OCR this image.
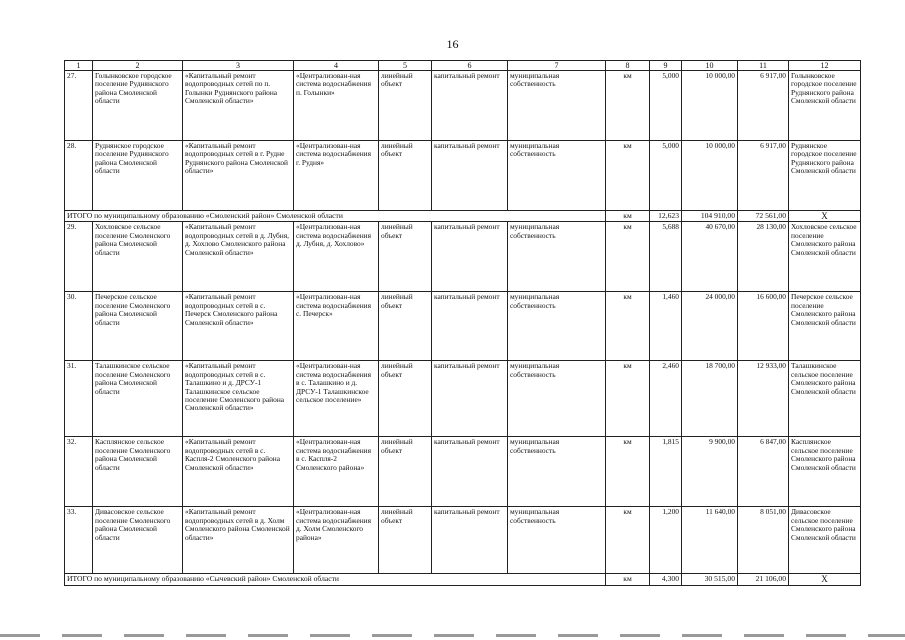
16
1	2	3	4	5	6	7	8	9	10	11	12
27.	Голынковское городское поселение Руднянского района Смоленской области	«Капитальный ремонт водопроводных сетей по п. Голынки Руднянского района Смоленской области»	«Централизован-ная система водоснабжения п. Голынки»	линейный объект	капитальный ремонт	муниципальная собственность	км	5,000	10 000,00	6 917,00	Голынковское городское поселение Руднянского района Смоленской области
28.	Руднянское городское поселение Руднянского района Смоленской области	«Капитальный ремонт водопроводных сетей в г. Рудне Руднянского района Смоленской области»	«Централизован-ная система водоснабжения г. Рудня»	линейный объект	капитальный ремонт	муниципальная собственность	км	5,000	10 000,00	6 917,00	Руднянское городское поселение Руднянского района Смоленской области
ИТОГО по муниципальному образованию «Смоленский район» Смоленской области							км	12,623	104 910,00	72 561,00	Х
29.	Хохловское сельское поселение Смоленского района Смоленской области	«Капитальный ремонт водопроводных сетей в д. Лубня, д. Хохлово Смоленского района Смоленской области»	«Централизован-ная система водоснабжения д. Лубня, д. Хохлово»	линейный объект	капитальный ремонт	муниципальная собственность	км	5,688	40 670,00	28 130,00	Хохловское сельское поселение Смоленского района Смоленской области
30.	Печерское сельское поселение Смоленского района Смоленской области	«Капитальный ремонт водопроводных сетей в с. Печерск Смоленского района Смоленской области»	«Централизован-ная система водоснабжения с. Печерск»	линейный объект	капитальный ремонт	муниципальная собственность	км	1,460	24 000,00	16 600,00	Печерское сельское поселение Смоленского района Смоленской области
31.	Талашкинское сельское поселение Смоленского района Смоленской области	«Капитальный ремонт водопроводных сетей в с. Талашкино и д. ДРСУ-1 Талашкинское сельское поселение Смоленского района Смоленской области»	«Централизован-ная система водоснабжения в с. Талашкино и д. ДРСУ-1 Талашкинское сельское поселение»	линейный объект	капитальный ремонт	муниципальная собственность	км	2,460	18 700,00	12 933,00	Талашкинское сельское поселение Смоленского района Смоленской области
32.	Касплянское сельское поселение Смоленского района Смоленской области	«Капитальный ремонт водопроводных сетей в с. Каспля-2 Смоленского района Смоленской области»	«Централизован-ная система водоснабжения в с. Каспля-2 Смоленского района»	линейный объект	капитальный ремонт	муниципальная собственность	км	1,815	9 900,00	6 847,00	Касплянское сельское поселение Смоленского района Смоленской области
33.	Дивасовское сельское поселение Смоленского района Смоленской области	«Капитальный ремонт водопроводных сетей в д. Холм Смоленского района Смоленской области»	«Централизован-ная система водоснабжения д. Холм Смоленского района»	линейный объект	капитальный ремонт	муниципальная собственность	км	1,200	11 640,00	8 051,00	Дивасовское сельское поселение Смоленского района Смоленской области
ИТОГО по муниципальному образованию «Сычевский район» Смоленской области							км	4,300	30 515,00	21 106,00	Х
